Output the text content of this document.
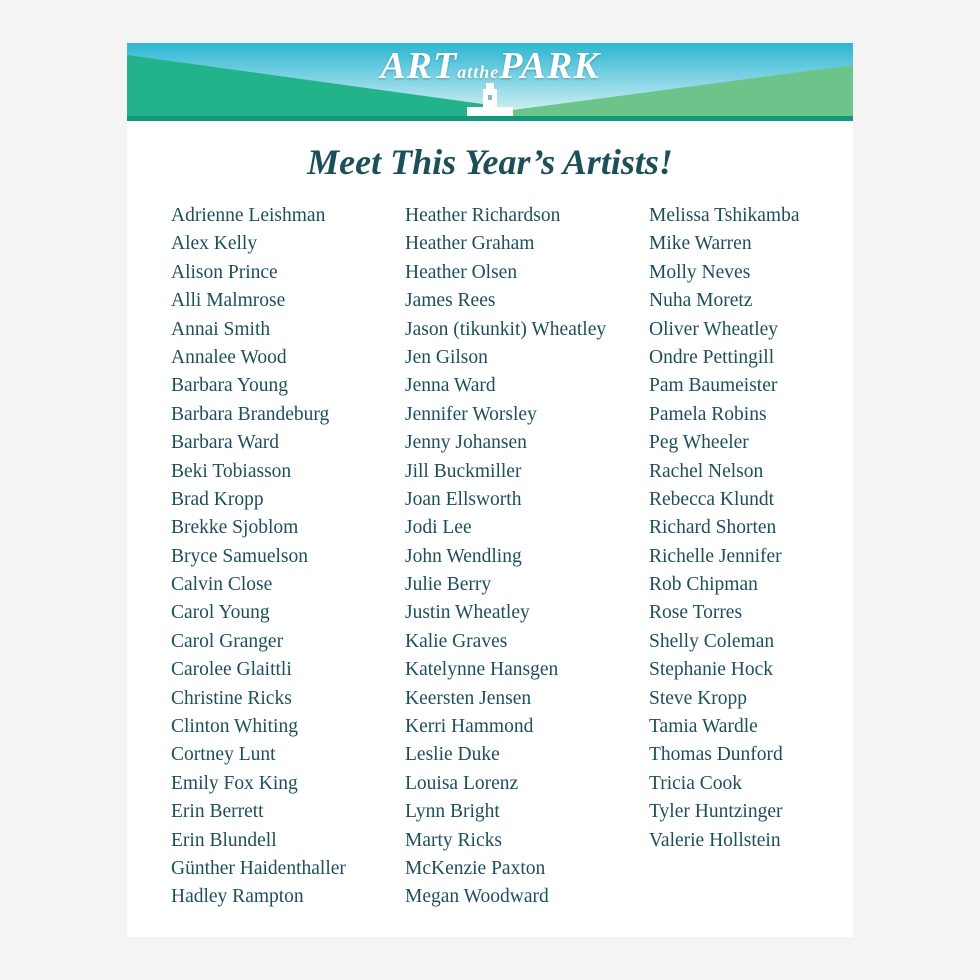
ARTatthePARK
Meet This Year’s Artists!
Adrienne Leishman
Alex Kelly
Alison Prince
Alli Malmrose
Annai Smith
Annalee Wood
Barbara Young
Barbara Brandeburg
Barbara Ward
Beki Tobiasson
Brad Kropp
Brekke Sjoblom
Bryce Samuelson
Calvin Close
Carol Young
Carol Granger
Carolee Glaittli
Christine Ricks
Clinton Whiting
Cortney Lunt
Emily Fox King
Erin Berrett
Erin Blundell
Günther Haidenthaller
Hadley Rampton
Heather Richardson
Heather Graham
Heather Olsen
James Rees
Jason (tikunkit) Wheatley
Jen Gilson
Jenna Ward
Jennifer Worsley
Jenny Johansen
Jill Buckmiller
Joan Ellsworth
Jodi Lee
John Wendling
Julie Berry
Justin Wheatley
Kalie Graves
Katelynne Hansgen
Keersten Jensen
Kerri Hammond
Leslie Duke
Louisa Lorenz
Lynn Bright
Marty Ricks
McKenzie Paxton
Megan Woodward
Melissa Tshikamba
Mike Warren
Molly Neves
Nuha Moretz
Oliver Wheatley
Ondre Pettingill
Pam Baumeister
Pamela Robins
Peg Wheeler
Rachel Nelson
Rebecca Klundt
Richard Shorten
Richelle Jennifer
Rob Chipman
Rose Torres
Shelly Coleman
Stephanie Hock
Steve Kropp
Tamia Wardle
Thomas Dunford
Tricia Cook
Tyler Huntzinger
Valerie Hollstein
